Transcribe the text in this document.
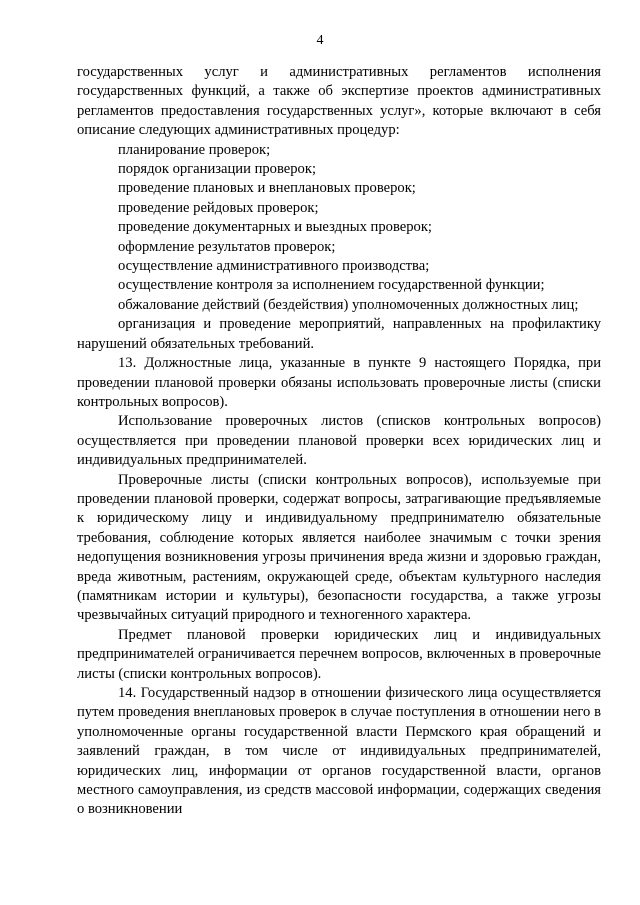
4

государственных услуг и административных регламентов исполнения государственных функций, а также об экспертизе проектов административных регламентов предоставления государственных услуг», которые включают в себя описание следующих административных процедур:

планирование проверок;

порядок организации проверок;

проведение плановых и внеплановых проверок;

проведение рейдовых проверок;

проведение документарных и выездных проверок;

оформление результатов проверок;

осуществление административного производства;

осуществление контроля за исполнением государственной функции;

обжалование действий (бездействия) уполномоченных должностных лиц;

организация и проведение мероприятий, направленных на профилактику нарушений обязательных требований.

13. Должностные лица, указанные в пункте 9 настоящего Порядка, при проведении плановой проверки обязаны использовать проверочные листы (списки контрольных вопросов).

Использование проверочных листов (списков контрольных вопросов) осуществляется при проведении плановой проверки всех юридических лиц и индивидуальных предпринимателей.

Проверочные листы (списки контрольных вопросов), используемые при проведении плановой проверки, содержат вопросы, затрагивающие предъявляемые к юридическому лицу и индивидуальному предпринимателю обязательные требования, соблюдение которых является наиболее значимым с точки зрения недопущения возникновения угрозы причинения вреда жизни и здоровью граждан, вреда животным, растениям, окружающей среде, объектам культурного наследия (памятникам истории и культуры), безопасности государства, а также угрозы чрезвычайных ситуаций природного и техногенного характера.

Предмет плановой проверки юридических лиц и индивидуальных предпринимателей ограничивается перечнем вопросов, включенных в проверочные листы (списки контрольных вопросов).

14. Государственный надзор в отношении физического лица осуществляется путем проведения внеплановых проверок в случае поступления в отношении него в уполномоченные органы государственной власти Пермского края обращений и заявлений граждан, в том числе от индивидуальных предпринимателей, юридических лиц, информации от органов государственной власти, органов местного самоуправления, из средств массовой информации, содержащих сведения о возникновении
